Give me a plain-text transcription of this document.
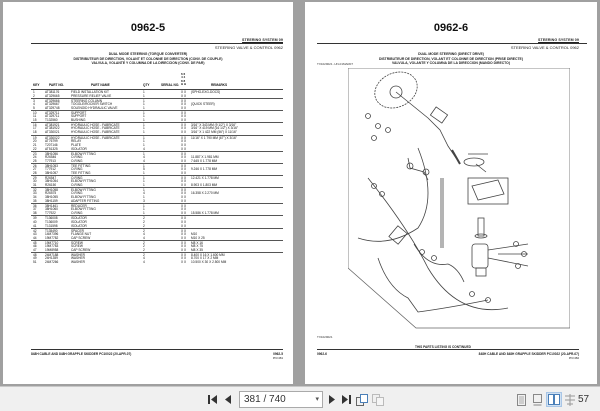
0962-5
STEERING SYSTEM 09
STEERING VALVE & CONTROL 0962
DUAL MODE STEERING (TORQUE CONVERTER)
DISTRIBUTEUR DE DIRECTION, VOLANT ET COLONNE DE DIRECTION (CONV. DE COUPLE)
VALVULA, VOLANTE Y COLUMNA DE LA DIRECCION (CONV. DE PAR)
KEY	PART NO.	PART NAME	QTY	SERIAL NO.
6 6
4 4
8 8
H H	REMARKS
1	AT381176	FIELD INSTALLATION KIT	1	X X (SPHG-EXG-DOCS)
2	AT329665	PRESSURE RELIEF VALVE	1	X X
3	AT329666	STEERING COLUMN	1	X X
4	AT329667	TOGGLE/ROCKER SWITCH	1	X X (QUICK STEER)
5	AT329748	SOLENOID HYDRAULIC VALVE	1	X X
10	AT329711	SUPPORT	1	X X
11	AT329711	SUPPORT	1	X X
15	T132560	BUSHING	1	X X
16	AT381921	HYDRAULIC HOSE - FABRICATE	1	X X 3/16" X 343 MM (9 1/2") X 3/16"
17	AT381922	HYDRAULIC HOSE - FABRICATE	1	X X 3/16" X 419 MM (16 1/2") X 3/16"
18	AT330021	HYDRAULIC HOSE - FABRICATE	1	X X 3/16" X 1 422 MM (56") X 11/16"
19	AT330022	HYDRAULIC HOSE - FABRICATE	1	X X 11/16" X 1 790 MM (67") X 3/16"
20	AT76799	RELAY	1	X X
21	T207146	PLATE	1	X X
22	AT51325	ISOLATOR	4	X X
23	38H1056	ELBOW FITTING	1	X X
24	R26546	O-RING	4	X X 11.887 X 1.981 MM
25	T77913	O-RING	4	X X 7.645 X 1.778 MM
26	38H1053	TEE FITTING	1	X X
27	T77912	O-RING	5	X X 9.246 X 1.778 MM
28	38H1057	TEE FITTING	1	X X
29	R26547	O-RING	1	X X 12.421 X 1.778 MM
30	38H1054	ELBOW FITTING	1	X X
31	R26150	O-RING	1	X X 8.903 X 1.803 MM
32	38H1058	ELBOW FITTING	1	X X
33	R26575	O-RING	4	X X 16.358 X 2.270 MM
34	38H1055	ELBOW FITTING	1	X X
35	38H1159	ADAPTER FITTING	3	X X
36	38H1461	REDUCER	1	X X
37	38H1060	ELBOW FITTING	1	X X
38	T77922	O-RING	1	X X 15.586 X 1.778 MM
39	T136008	ISOLATOR	2	X X
40	T136009	ISOLATOR	2	X X
41	T131598	ISOLATOR	2	X X
42	T135490	SPACER	2	X X
43	14M7396	FLANGE NUT	4	X X M10
44	19M7782	CAP SCREW	4	X X M10 X 25
45	19M7710	SCREW	2	X X M8 X 16
46	19M7783	SCREW	2	X X M8 X 75
47	19M8958	CAP SCREW	2	X X M8 X 35
48	24M7188	WASHER	2	X X 8.400 X 16 X 1.600 MM
49	24H1359	WASHER	4	X X 8.700 X 17 X 2 MM
51	24M7266	WASHER	4	X X 10.500 X 30 X 2.500 MM
848H CABLE AND 848H GRAPPLE SKIDDER PC10022 (20-APR-07)	0962-5
PN=481
0962-6
STEERING SYSTEM 09
STEERING VALVE & CONTROL 0962
DUAL MODE STEERING (DIRECT DRIVE)
DISTRIBUTEUR DE DIRECTION, VOLANT ET COLONNE DE DIRECTION (PRISE DIRECTE)
VALVULA, VOLANTE Y COLUMNA DE LA DIRECCION (MANDO DIRECTO)
TX1029021 -UN-01MAR07
TX1029021
0962-6
THIS PARTS LISTING IS CONTINUED
848H CABLE AND 848H GRAPPLE SKIDDER PC10022 (20-APR-07)
PN=482
381 / 740	▾	57
